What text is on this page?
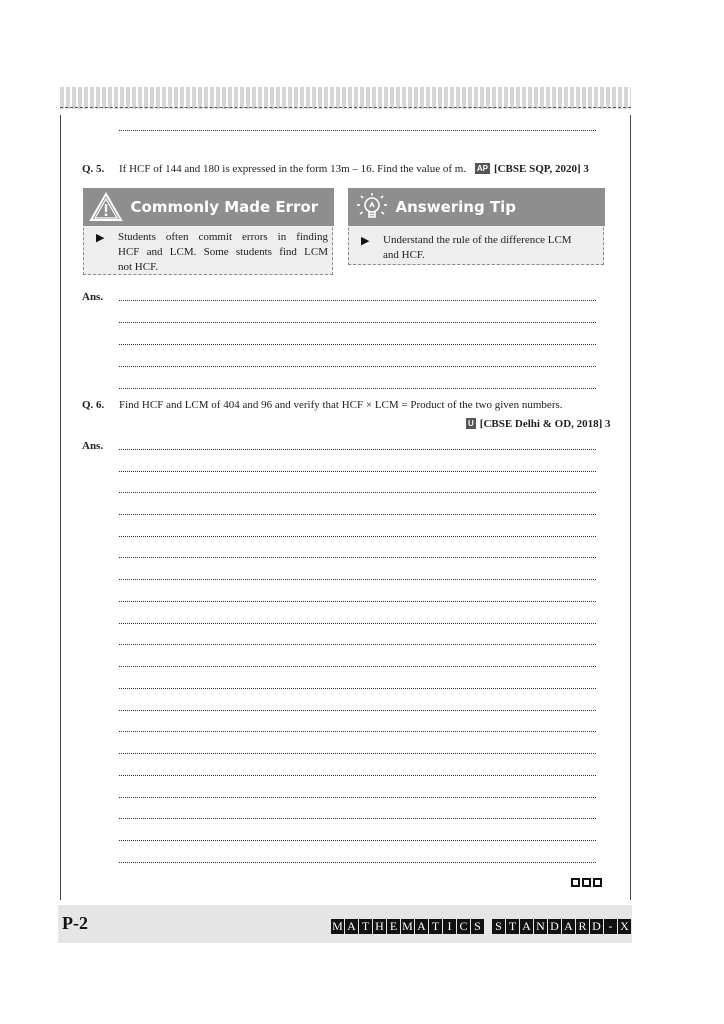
Q. 5. If HCF of 144 and 180 is expressed in the form 13m – 16. Find the value of m. AP [CBSE SQP, 2020] 3
Commonly Made Error
▶ Students often commit errors in finding
HCF and LCM. Some students find LCM
not HCF.
Answering Tip
▶ Understand the rule of the difference LCM
and HCF.
Ans.
Q. 6. Find HCF and LCM of 404 and 96 and verify that HCF × LCM = Product of the two given numbers.
U [CBSE Delhi & OD, 2018] 3
Ans.
P-2	M A T H E M A T I C S S T A N D A R D - X
